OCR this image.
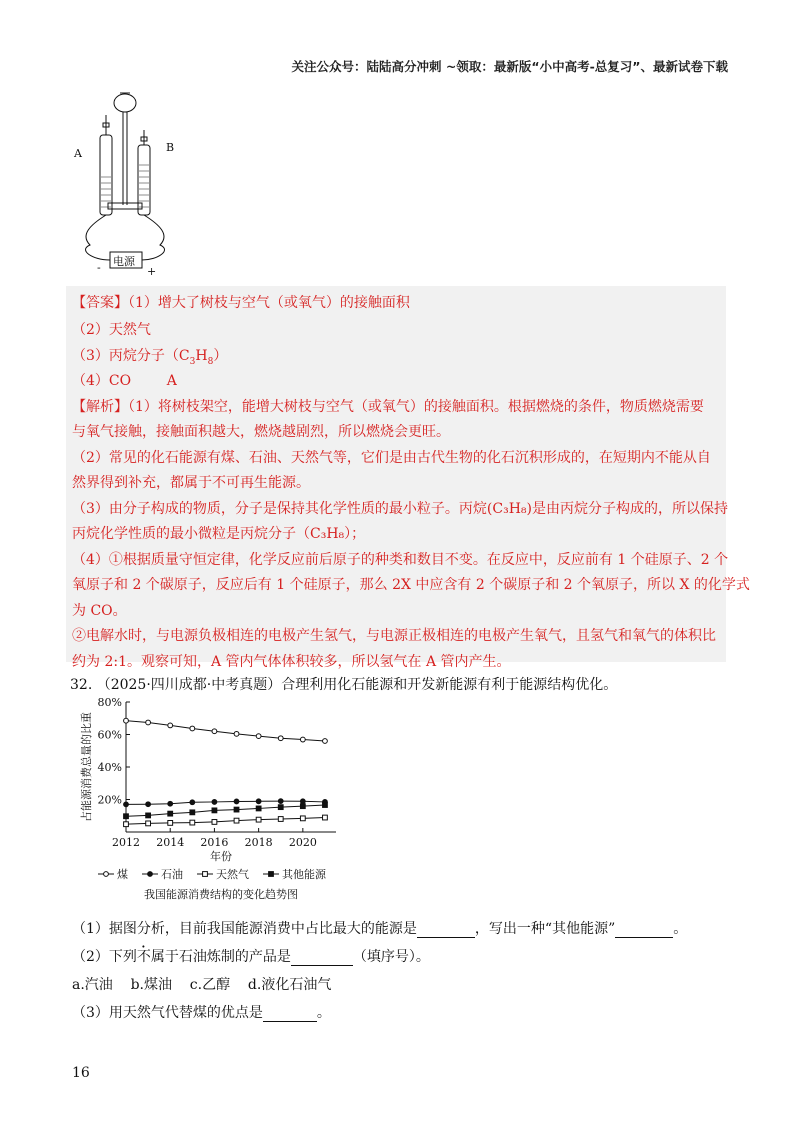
关注公众号：陆陆高分冲刺 ~领取：最新版“小中高考-总复习”、最新试卷下载
A	B
电源
-	+
【答案】（1）增大了树枝与空气（或氧气）的接触面积
（2）天然气
（3）丙烷分子$(C_3H_8)$
（4）CO        A
【解析】（1）将树枝架空，能增大树枝与空气（或氧气）的接触面积。根据燃烧的条件，物质燃烧需要
与氧气接触，接触面积越大，燃烧越剧烈，所以燃烧会更旺。
（2）常见的化石能源有煤、石油、天然气等，它们是由古代生物的化石沉积形成的，在短期内不能从自
然界得到补充，都属于不可再生能源。
（3）由分子构成的物质，分子是保持其化学性质的最小粒子。丙烷(C₃H₈)是由丙烷分子构成的，所以保持
丙烷化学性质的最小微粒是丙烷分子（C₃H₈）；
（4）①根据质量守恒定律，化学反应前后原子的种类和数目不变。在反应中，反应前有 1 个硅原子、2 个
氧原子和 2 个碳原子，反应后有 1 个硅原子，那么 2X 中应含有 2 个碳原子和 2 个氧原子，所以 X 的化学式
为 CO。
②电解水时，与电源负极相连的电极产生氢气，与电源正极相连的电极产生氧气，且氢气和氧气的体积比
约为 2:1。观察可知，A 管内气体体积较多，所以氢气在 A 管内产生。
32. （2025·四川成都·中考真题）合理利用化石能源和开发新能源有利于能源结构优化。
20%
40%
60%
80%
2012 2014 2016 2018 2020
年份
占能源消费总量的比重
煤	石油	天然气	其他能源
我国能源消费结构的变化趋势图
（1）据图分析，目前我国能源消费中占比最大的能源是	，写出一种“其他能源”	。
（2）下列不属于石油炼制的产品是	（填序号）。
a.汽油    b.煤油    c.乙醇    d.液化石油气
（3）用天然气代替煤的优点是	。
16
